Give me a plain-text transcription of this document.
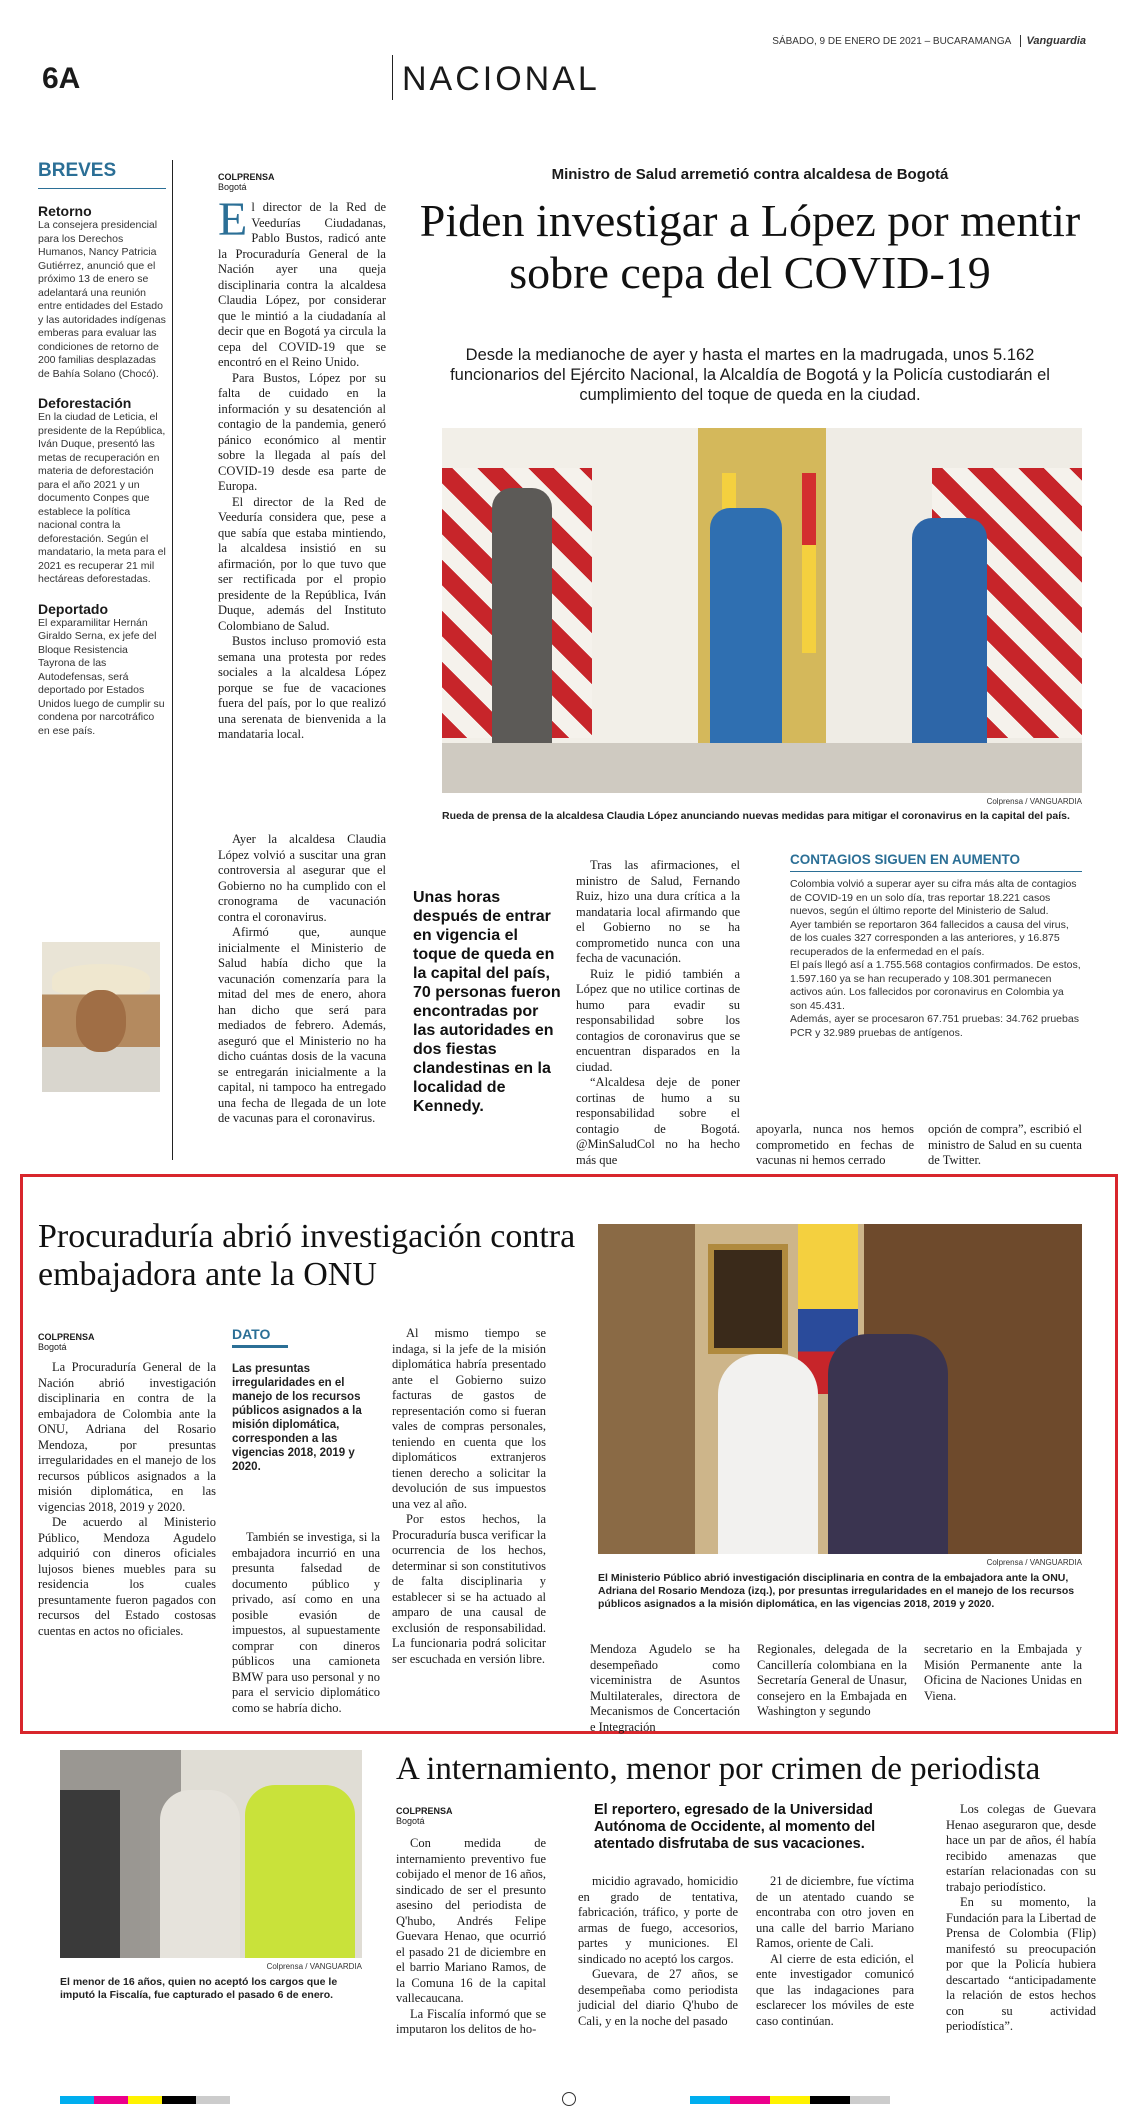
SÁBADO, 9 DE ENERO DE 2021 – BUCARAMANGA Vanguardia
6A	NACIONAL
BREVES
Retorno
La consejera presidencial para los Derechos Humanos, Nancy Patricia Gutiérrez, anunció que el próximo 13 de enero se adelantará una reunión entre entidades del Estado y las autoridades indígenas emberas para evaluar las condiciones de retorno de 200 familias desplazadas de Bahía Solano (Chocó).
Deforestación
En la ciudad de Leticia, el presidente de la República, Iván Duque, presentó las metas de recuperación en materia de deforestación para el año 2021 y un documento Conpes que establece la política nacional contra la deforestación. Según el mandatario, la meta para el 2021 es recuperar 21 mil hectáreas deforestadas.
Deportado
El exparamilitar Hernán Giraldo Serna, ex jefe del Bloque Resistencia Tayrona de las Autodefensas, será deportado por Estados Unidos luego de cumplir su condena por narcotráfico en ese país.
COLPRENSA
Bogotá

El director de la Red de Veedurías Ciudadanas, Pablo Bustos, radicó ante la Procuraduría General de la Nación ayer una queja disciplinaria contra la alcaldesa Claudia López, por considerar que le mintió a la ciudadanía al decir que en Bogotá ya circula la cepa del COVID-19 que se encontró en el Reino Unido.

Para Bustos, López por su falta de cuidado en la información y su desatención al contagio de la pandemia, generó pánico económico al mentir sobre la llegada al país del COVID-19 desde esa parte de Europa.

El director de la Red de Veeduría considera que, pese a que sabía que estaba mintiendo, la alcaldesa insistió en su afirmación, por lo que tuvo que ser rectificada por el propio presidente de la República, Iván Duque, además del Instituto Colombiano de Salud.

Bustos incluso promovió esta semana una protesta por redes sociales a la alcaldesa López porque se fue de vacaciones fuera del país, por lo que realizó una serenata de bienvenida a la mandataria local.

Ayer la alcaldesa Claudia López volvió a suscitar una gran controversia al asegurar que el Gobierno no ha cumplido con el cronograma de vacunación contra el coronavirus.

Afirmó que, aunque inicialmente el Ministerio de Salud había dicho que la vacunación comenzaría para la mitad del mes de enero, ahora han dicho que será para mediados de febrero. Además, aseguró que el Ministerio no ha dicho cuántas dosis de la vacuna se entregarán inicialmente a la capital, ni tampoco ha entregado una fecha de llegada de un lote de vacunas para el coronavirus.

Ministro de Salud arremetió contra alcaldesa de Bogotá
Piden investigar a López por mentir sobre cepa del COVID-19
Desde la medianoche de ayer y hasta el martes en la madrugada, unos 5.162 funcionarios del Ejército Nacional, la Alcaldía de Bogotá y la Policía custodiarán el cumplimiento del toque de queda en la ciudad.
Colprensa / VANGUARDIA
Rueda de prensa de la alcaldesa Claudia López anunciando nuevas medidas para mitigar el coronavirus en la capital del país.
Unas horas después de entrar en vigencia el toque de queda en la capital del país, 70 personas fueron encontradas por las autoridades en dos fiestas clandestinas en la localidad de Kennedy.

Tras las afirmaciones, el ministro de Salud, Fernando Ruiz, hizo una dura crítica a la mandataria local afirmando que el Gobierno no se ha comprometido nunca con una fecha de vacunación.

Ruiz le pidió también a López que no utilice cortinas de humo para evadir su responsabilidad sobre los contagios de coronavirus que se encuentran disparados en la ciudad.

“Alcaldesa deje de poner cortinas de humo a su responsabilidad sobre el contagio de Bogotá. @MinSaludCol no ha hecho más que

CONTAGIOS SIGUEN EN AUMENTO
Colombia volvió a superar ayer su cifra más alta de contagios de COVID-19 en un solo día, tras reportar 18.221 casos nuevos, según el último reporte del Ministerio de Salud.
Ayer también se reportaron 364 fallecidos a causa del virus, de los cuales 327 corresponden a las anteriores, y 16.875 recuperados de la enfermedad en el país.
El país llegó así a 1.755.568 contagios confirmados. De estos, 1.597.160 ya se han recuperado y 108.301 permanecen activos aún. Los fallecidos por coronavirus en Colombia ya son 45.431.
Además, ayer se procesaron 67.751 pruebas: 34.762 pruebas PCR y 32.989 pruebas de antígenos.
apoyarla, nunca nos hemos comprometido en fechas de vacunas ni hemos cerrado
opción de compra”, escribió el ministro de Salud en su cuenta de Twitter.
Procuraduría abrió investigación contra embajadora ante la ONU
COLPRENSA
Bogotá

La Procuraduría General de la Nación abrió investigación disciplinaria en contra de la embajadora de Colombia ante la ONU, Adriana del Rosario Mendoza, por presuntas irregularidades en el manejo de los recursos públicos asignados a la misión diplomática, en las vigencias 2018, 2019 y 2020.

De acuerdo al Ministerio Público, Mendoza Agudelo adquirió con dineros oficiales lujosos bienes muebles para su residencia los cuales presuntamente fueron pagados con recursos del Estado costosas cuentas en actos no oficiales.

DATO
Las presuntas irregularidades en el manejo de los recursos públicos asignados a la misión diplomática, corresponden a las vigencias 2018, 2019 y 2020.

También se investiga, si la embajadora incurrió en una presunta falsedad de documento público y privado, así como en una posible evasión de impuestos, al supuestamente comprar con dineros públicos una camioneta BMW para uso personal y no para el servicio diplomático como se habría dicho.

Al mismo tiempo se indaga, si la jefe de la misión diplomática habría presentado ante el Gobierno suizo facturas de gastos de representación como si fueran vales de compras personales, teniendo en cuenta que los diplomáticos extranjeros tienen derecho a solicitar la devolución de sus impuestos una vez al año.

Por estos hechos, la Procuraduría busca verificar la ocurrencia de los hechos, determinar si son constitutivos de falta disciplinaria y establecer si se ha actuado al amparo de una causal de exclusión de responsabilidad. La funcionaria podrá solicitar ser escuchada en versión libre.

Colprensa / VANGUARDIA
El Ministerio Público abrió investigación disciplinaria en contra de la embajadora ante la ONU, Adriana del Rosario Mendoza (izq.), por presuntas irregularidades en el manejo de los recursos públicos asignados a la misión diplomática, en las vigencias 2018, 2019 y 2020.
Mendoza Agudelo se ha desempeñado como viceministra de Asuntos Multilaterales, directora de Mecanismos de Concertación e Integración
Regionales, delegada de la Cancillería colombiana en la Secretaría General de Unasur, consejero en la Embajada en Washington y segundo
secretario en la Embajada y Misión Permanente ante la Oficina de Naciones Unidas en Viena.
Colprensa / VANGUARDIA
El menor de 16 años, quien no aceptó los cargos que le imputó la Fiscalía, fue capturado el pasado 6 de enero.
A internamiento, menor por crimen de periodista
COLPRENSA
Bogotá

Con medida de internamiento preventivo fue cobijado el menor de 16 años, sindicado de ser el presunto asesino del periodista de Q'hubo, Andrés Felipe Guevara Henao, que ocurrió el pasado 21 de diciembre en el barrio Mariano Ramos, de la Comuna 16 de la capital vallecaucana.

La Fiscalía informó que se imputaron los delitos de ho-

El reportero, egresado de la Universidad Autónoma de Occidente, al momento del atentado disfrutaba de sus vacaciones.

micidio agravado, homicidio en grado de tentativa, fabricación, tráfico, y porte de armas de fuego, accesorios, partes y municiones. El sindicado no aceptó los cargos.

Guevara, de 27 años, se desempeñaba como periodista judicial del diario Q'hubo de Cali, y en la noche del pasado

21 de diciembre, fue víctima de un atentado cuando se encontraba con otro joven en una calle del barrio Mariano Ramos, oriente de Cali.

Al cierre de esta edición, el ente investigador comunicó que las indagaciones para esclarecer los móviles de este caso continúan.

Los colegas de Guevara Henao aseguraron que, desde hace un par de años, él había recibido amenazas que estarían relacionadas con su trabajo periodístico.

En su momento, la Fundación para la Libertad de Prensa de Colombia (Flip) manifestó su preocupación por que la Policía hubiera descartado “anticipadamente la relación de estos hechos con su actividad periodística”.
